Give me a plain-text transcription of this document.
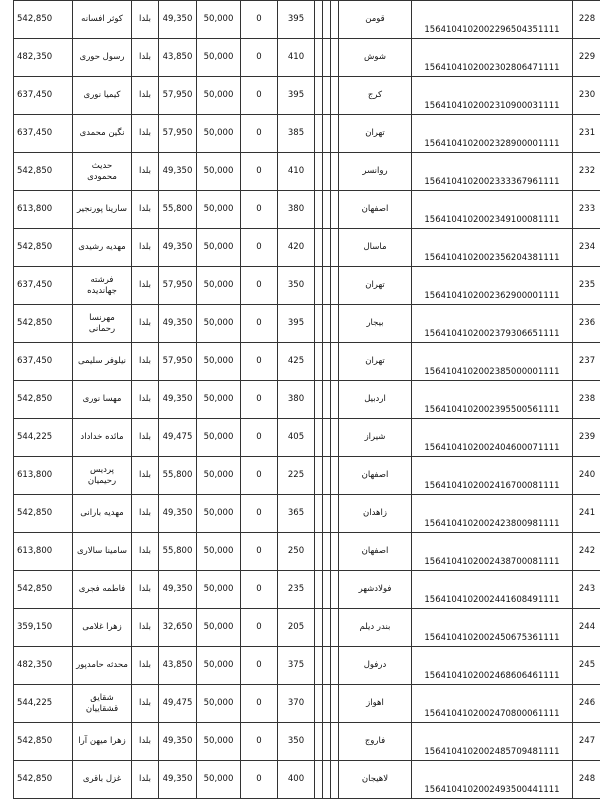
542,850	کوثر افسانه	بلدا	49,350	50,000	0	395				قومن	1564104102002296504351111	228
482,350	رسول حوری	بلدا	43,850	50,000	0	410				شوش	1564104102002302806471111	229
637,450	کیمیا نوری	بلدا	57,950	50,000	0	395				کرج	1564104102002310900031111	230
637,450	نگین محمدی	بلدا	57,950	50,000	0	385				تهران	1564104102002328900001111	231
542,850	حدیث محمودی	بلدا	49,350	50,000	0	410				روانسر	1564104102002333367961111	232
613,800	سارینا پورنجیر	بلدا	55,800	50,000	0	380				اصفهان	1564104102002349100081111	233
542,850	مهدیه رشیدی	بلدا	49,350	50,000	0	420				ماسال	1564104102002356204381111	234
637,450	فرشته جهاندیده	بلدا	57,950	50,000	0	350				تهران	1564104102002362900001111	235
542,850	مهرنسا رحمانی	بلدا	49,350	50,000	0	395				بیجار	1564104102002379306651111	236
637,450	نیلوفر سلیمی	بلدا	57,950	50,000	0	425				تهران	1564104102002385000001111	237
542,850	مهسا نوری	بلدا	49,350	50,000	0	380				اردبیل	1564104102002395500561111	238
544,225	مائده خداداد	بلدا	49,475	50,000	0	405				شیراز	1564104102002404600071111	239
613,800	پردیس رحیمیان	بلدا	55,800	50,000	0	225				اصفهان	1564104102002416700081111	240
542,850	مهدیه بارانی	بلدا	49,350	50,000	0	365				زاهدان	1564104102002423800981111	241
613,800	سامینا سالاری	بلدا	55,800	50,000	0	250				اصفهان	1564104102002438700081111	242
542,850	فاطمه فجری	بلدا	49,350	50,000	0	235				فولادشهر	1564104102002441608491111	243
359,150	زهرا غلامی	بلدا	32,650	50,000	0	205				بندر دیلم	1564104102002450675361111	244
482,350	محدثه حامدپور	بلدا	43,850	50,000	0	375				درفول	1564104102002468606461111	245
544,225	شقایق قشقاییان	بلدا	49,475	50,000	0	370				اهواز	1564104102002470800061111	246
542,850	زهرا میهن آرا	بلدا	49,350	50,000	0	350				فاروج	1564104102002485709481111	247
542,850	غزل باقری	بلدا	49,350	50,000	0	400				لاهیجان	1564104102002493500441111	248
